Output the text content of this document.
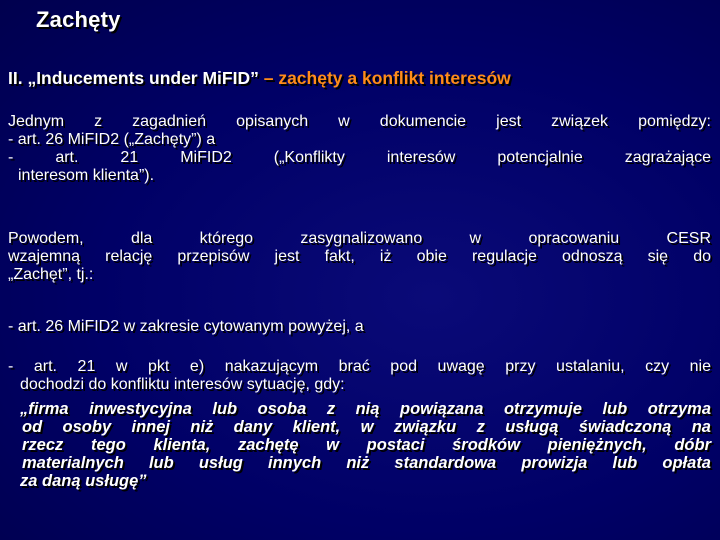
Zachęty
II. „Inducements under MiFID” – zachęty a konflikt interesów
Jednym z zagadnień opisanych w dokumencie jest związek pomiędzy:
- art. 26 MiFID2 („Zachęty”) a
- art. 21 MiFID2 („Konflikty interesów potencjalnie zagrażające
interesom klienta”).
Powodem, dla którego zasygnalizowano w opracowaniu CESR
wzajemną relację przepisów jest fakt, iż obie regulacje odnoszą się do
„Zachęt”, tj.:
- art. 26 MiFID2 w zakresie cytowanym powyżej, a
- art. 21 w pkt e) nakazującym brać pod uwagę przy ustalaniu, czy nie
dochodzi do konfliktu interesów sytuację, gdy:
„firma inwestycyjna lub osoba z nią powiązana otrzymuje lub otrzyma
od osoby innej niż dany klient, w związku z usługą świadczoną na
rzecz tego klienta, zachętę w postaci środków pieniężnych, dóbr
materialnych lub usług innych niż standardowa prowizja lub opłata
za daną usługę”
